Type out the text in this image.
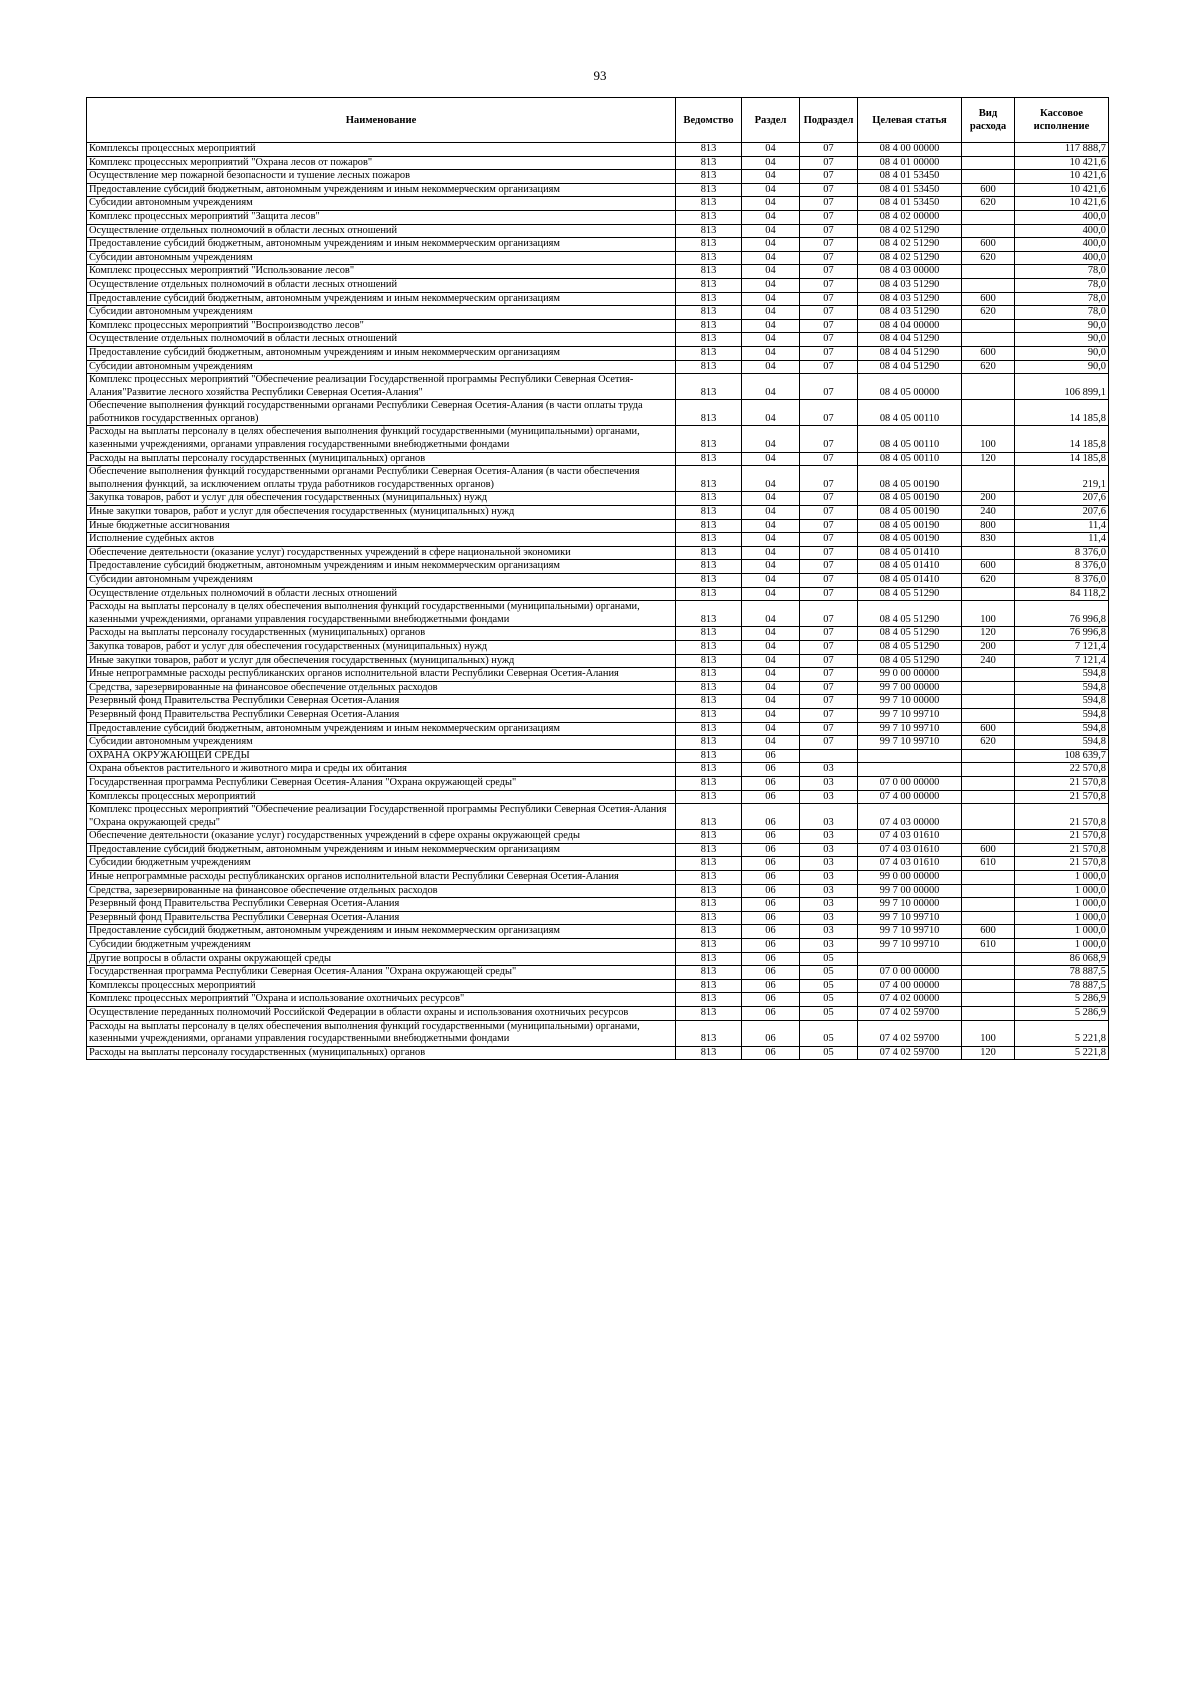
93
Наименование	Ведомство	Раздел	Подраздел	Целевая статья	Вид расхода	Кассовое исполнение
Комплексы процессных мероприятий	813	04	07	08 4 00 00000		117 888,7
Комплекс процессных мероприятий "Охрана лесов от пожаров"	813	04	07	08 4 01 00000		10 421,6
Осуществление мер пожарной безопасности и тушение лесных пожаров	813	04	07	08 4 01 53450		10 421,6
Предоставление субсидий бюджетным, автономным учреждениям и иным некоммерческим организациям	813	04	07	08 4 01 53450	600	10 421,6
Субсидии автономным учреждениям	813	04	07	08 4 01 53450	620	10 421,6
Комплекс процессных мероприятий "Защита лесов"	813	04	07	08 4 02 00000		400,0
Осуществление отдельных полномочий в области лесных отношений	813	04	07	08 4 02 51290		400,0
Предоставление субсидий бюджетным, автономным учреждениям и иным некоммерческим организациям	813	04	07	08 4 02 51290	600	400,0
Субсидии автономным учреждениям	813	04	07	08 4 02 51290	620	400,0
Комплекс процессных мероприятий "Использование лесов"	813	04	07	08 4 03 00000		78,0
Осуществление отдельных полномочий в области лесных отношений	813	04	07	08 4 03 51290		78,0
Предоставление субсидий бюджетным, автономным учреждениям и иным некоммерческим организациям	813	04	07	08 4 03 51290	600	78,0
Субсидии автономным учреждениям	813	04	07	08 4 03 51290	620	78,0
Комплекс процессных мероприятий "Воспроизводство лесов"	813	04	07	08 4 04 00000		90,0
Осуществление отдельных полномочий в области лесных отношений	813	04	07	08 4 04 51290		90,0
Предоставление субсидий бюджетным, автономным учреждениям и иным некоммерческим организациям	813	04	07	08 4 04 51290	600	90,0
Субсидии автономным учреждениям	813	04	07	08 4 04 51290	620	90,0
Комплекс процессных мероприятий "Обеспечение реализации Государственной программы Республики Северная Осетия-Алания"Развитие лесного хозяйства Республики Северная Осетия-Алания"	813	04	07	08 4 05 00000		106 899,1
Обеспечение выполнения функций государственными органами Республики Северная Осетия-Алания (в части оплаты труда работников государственных органов)	813	04	07	08 4 05 00110		14 185,8
Расходы на выплаты персоналу в целях обеспечения выполнения функций государственными (муниципальными) органами, казенными учреждениями, органами управления государственными внебюджетными фондами	813	04	07	08 4 05 00110	100	14 185,8
Расходы на выплаты персоналу государственных (муниципальных) органов	813	04	07	08 4 05 00110	120	14 185,8
Обеспечение выполнения функций государственными органами Республики Северная Осетия-Алания (в части обеспечения выполнения функций, за исключением оплаты труда работников государственных органов)	813	04	07	08 4 05 00190		219,1
Закупка товаров, работ и услуг для обеспечения государственных (муниципальных) нужд	813	04	07	08 4 05 00190	200	207,6
Иные закупки товаров, работ и услуг для обеспечения государственных (муниципальных) нужд	813	04	07	08 4 05 00190	240	207,6
Иные бюджетные ассигнования	813	04	07	08 4 05 00190	800	11,4
Исполнение судебных актов	813	04	07	08 4 05 00190	830	11,4
Обеспечение деятельности (оказание услуг) государственных учреждений в сфере национальной экономики	813	04	07	08 4 05 01410		8 376,0
Предоставление субсидий бюджетным, автономным учреждениям и иным некоммерческим организациям	813	04	07	08 4 05 01410	600	8 376,0
Субсидии автономным учреждениям	813	04	07	08 4 05 01410	620	8 376,0
Осуществление отдельных полномочий в области лесных отношений	813	04	07	08 4 05 51290		84 118,2
Расходы на выплаты персоналу в целях обеспечения выполнения функций государственными (муниципальными) органами, казенными учреждениями, органами управления государственными внебюджетными фондами	813	04	07	08 4 05 51290	100	76 996,8
Расходы на выплаты персоналу государственных (муниципальных) органов	813	04	07	08 4 05 51290	120	76 996,8
Закупка товаров, работ и услуг для обеспечения государственных (муниципальных) нужд	813	04	07	08 4 05 51290	200	7 121,4
Иные закупки товаров, работ и услуг для обеспечения государственных (муниципальных) нужд	813	04	07	08 4 05 51290	240	7 121,4
Иные непрограммные расходы республиканских органов исполнительной власти Республики Северная Осетия-Алания	813	04	07	99 0 00 00000		594,8
Средства, зарезервированные на финансовое обеспечение отдельных расходов	813	04	07	99 7 00 00000		594,8
Резервный фонд Правительства Республики Северная Осетия-Алания	813	04	07	99 7 10 00000		594,8
Резервный фонд Правительства Республики Северная Осетия-Алания	813	04	07	99 7 10 99710		594,8
Предоставление субсидий бюджетным, автономным учреждениям и иным некоммерческим организациям	813	04	07	99 7 10 99710	600	594,8
Субсидии автономным учреждениям	813	04	07	99 7 10 99710	620	594,8
ОХРАНА ОКРУЖАЮЩЕЙ СРЕДЫ	813	06				108 639,7
Охрана объектов растительного и животного мира и среды их обитания	813	06	03			22 570,8
Государственная программа Республики Северная Осетия-Алания "Охрана окружающей среды"	813	06	03	07 0 00 00000		21 570,8
Комплексы процессных мероприятий	813	06	03	07 4 00 00000		21 570,8
Комплекс процессных мероприятий "Обеспечение реализации Государственной программы Республики Северная Осетия-Алания "Охрана окружающей среды"	813	06	03	07 4 03 00000		21 570,8
Обеспечение деятельности (оказание услуг) государственных учреждений в сфере охраны окружающей среды	813	06	03	07 4 03 01610		21 570,8
Предоставление субсидий бюджетным, автономным учреждениям и иным некоммерческим организациям	813	06	03	07 4 03 01610	600	21 570,8
Субсидии бюджетным учреждениям	813	06	03	07 4 03 01610	610	21 570,8
Иные непрограммные расходы республиканских органов исполнительной власти Республики Северная Осетия-Алания	813	06	03	99 0 00 00000		1 000,0
Средства, зарезервированные на финансовое обеспечение отдельных расходов	813	06	03	99 7 00 00000		1 000,0
Резервный фонд Правительства Республики Северная Осетия-Алания	813	06	03	99 7 10 00000		1 000,0
Резервный фонд Правительства Республики Северная Осетия-Алания	813	06	03	99 7 10 99710		1 000,0
Предоставление субсидий бюджетным, автономным учреждениям и иным некоммерческим организациям	813	06	03	99 7 10 99710	600	1 000,0
Субсидии бюджетным учреждениям	813	06	03	99 7 10 99710	610	1 000,0
Другие вопросы в области охраны окружающей среды	813	06	05			86 068,9
Государственная программа Республики Северная Осетия-Алания "Охрана окружающей среды"	813	06	05	07 0 00 00000		78 887,5
Комплексы процессных мероприятий	813	06	05	07 4 00 00000		78 887,5
Комплекс процессных мероприятий "Охрана и использование охотничьих ресурсов"	813	06	05	07 4 02 00000		5 286,9
Осуществление переданных полномочий Российской Федерации в области охраны и использования охотничьих ресурсов	813	06	05	07 4 02 59700		5 286,9
Расходы на выплаты персоналу в целях обеспечения выполнения функций государственными (муниципальными) органами, казенными учреждениями, органами управления государственными внебюджетными фондами	813	06	05	07 4 02 59700	100	5 221,8
Расходы на выплаты персоналу государственных (муниципальных) органов	813	06	05	07 4 02 59700	120	5 221,8
